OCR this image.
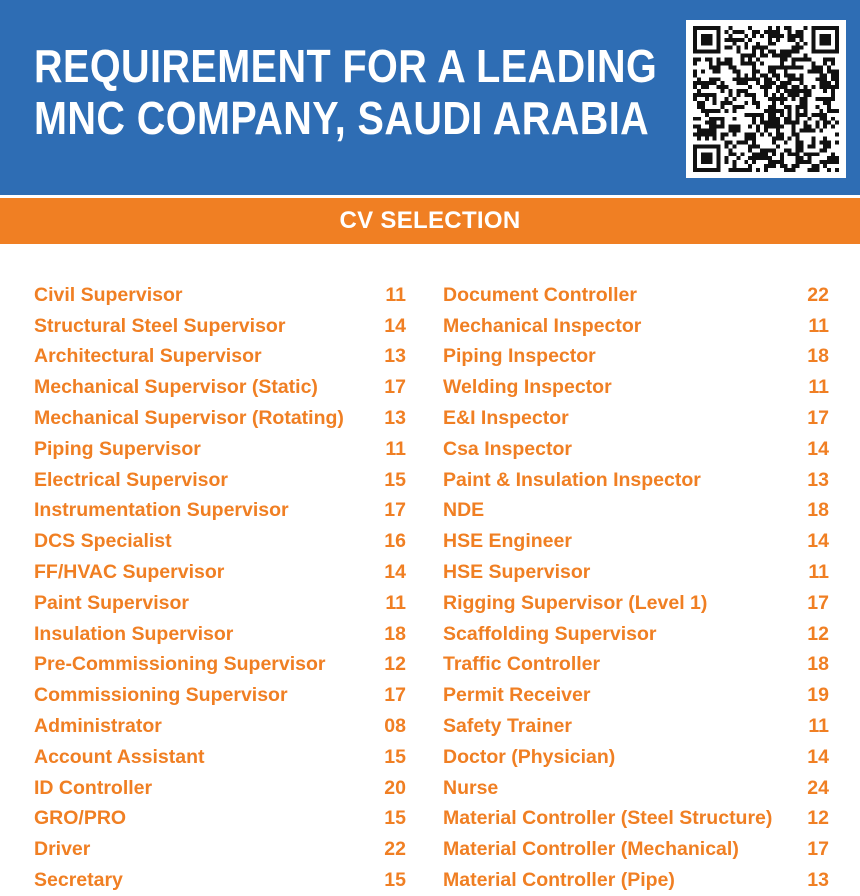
REQUIREMENT FOR A LEADING
MNC COMPANY, SAUDI ARABIA
CV SELECTION
Civil Supervisor	11
Structural Steel Supervisor	14
Architectural Supervisor	13
Mechanical Supervisor (Static)	17
Mechanical Supervisor (Rotating) 13
Piping Supervisor	11
Electrical Supervisor	15
Instrumentation Supervisor	17
DCS Specialist	16
FF/HVAC Supervisor	14
Paint Supervisor	11
Insulation Supervisor	18
Pre-Commissioning Supervisor	12
Commissioning Supervisor	17
Administrator	08
Account Assistant	15
ID Controller	20
GRO/PRO	15
Driver	22
Secretary	15
Document Controller	22
Mechanical Inspector	11
Piping Inspector	18
Welding Inspector	11
E&I Inspector	17
Csa Inspector	14
Paint & Insulation Inspector	13
NDE	18
HSE Engineer	14
HSE Supervisor	11
Rigging Supervisor (Level 1)	17
Scaffolding Supervisor	12
Traffic Controller	18
Permit Receiver	19
Safety Trainer	11
Doctor (Physician)	14
Nurse	24
Material Controller (Steel Structure) 12
Material Controller (Mechanical)	17
Material Controller (Pipe)	13
